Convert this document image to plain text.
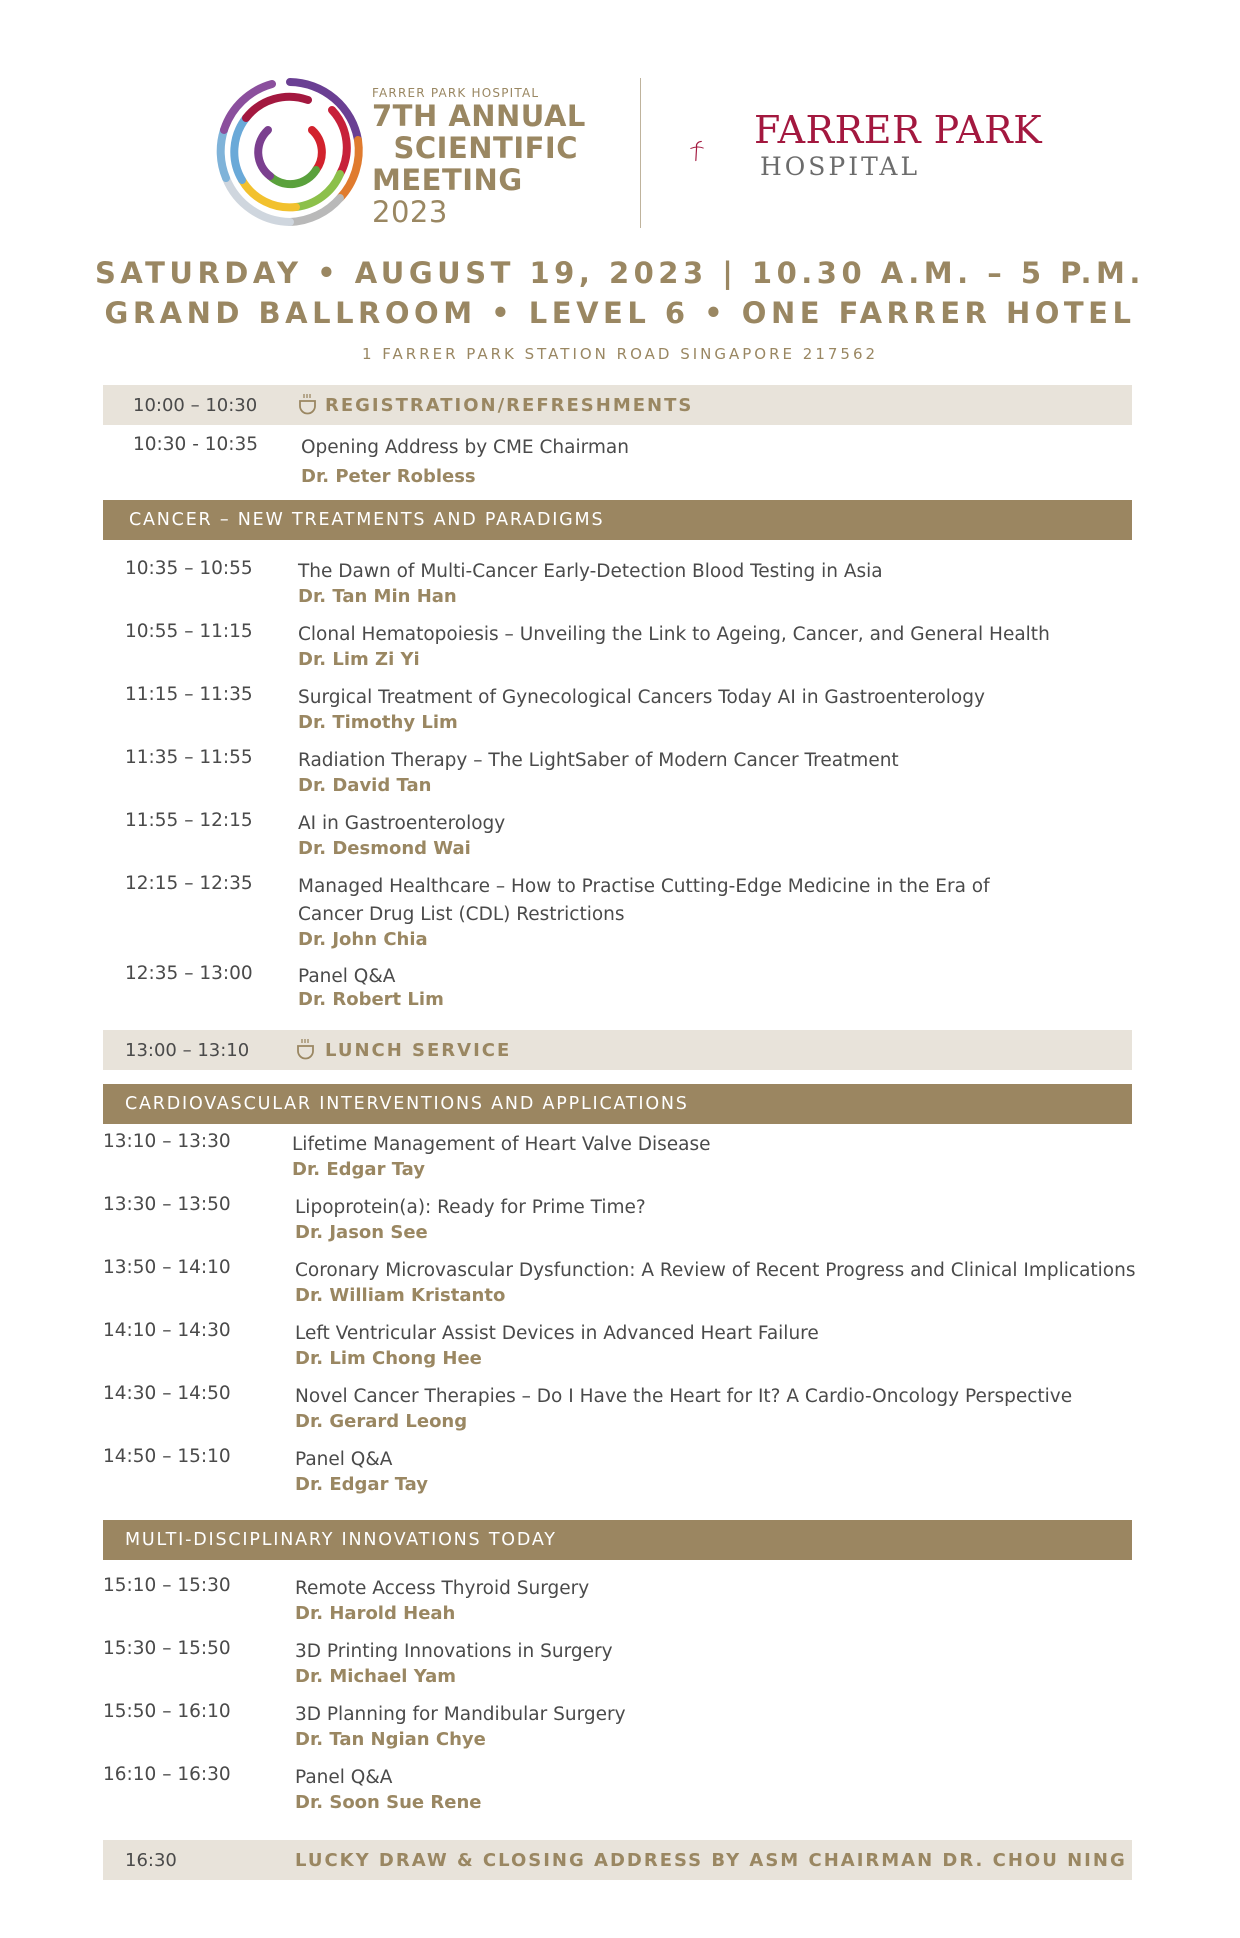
FARRER PARK HOSPITAL
7TH ANNUAL
SCIENTIFIC
MEETING 2023
FARRER PARK
HOSPITAL
SATURDAY • AUGUST 19, 2023 | 10.30 A.M. – 5 P.M.
GRAND BALLROOM • LEVEL 6 • ONE FARRER HOTEL
1 FARRER PARK STATION ROAD SINGAPORE 217562
10:00 – 10:30	REGISTRATION/REFRESHMENTS
10:30 - 10:35 Opening Address by CME Chairman
Dr. Peter Robless
CANCER – NEW TREATMENTS AND PARADIGMS
10:35 – 10:55 The Dawn of Multi-Cancer Early-Detection Blood Testing in Asia
Dr. Tan Min Han
10:55 – 11:15 Clonal Hematopoiesis – Unveiling the Link to Ageing, Cancer, and General Health
Dr. Lim Zi Yi
11:15 – 11:35 Surgical Treatment of Gynecological Cancers Today AI in Gastroenterology
Dr. Timothy Lim
11:35 – 11:55 Radiation Therapy – The LightSaber of Modern Cancer Treatment
Dr. David Tan
11:55 – 12:15 AI in Gastroenterology
Dr. Desmond Wai
12:15 – 12:35 Managed Healthcare – How to Practise Cutting-Edge Medicine in the Era of
Cancer Drug List (CDL) Restrictions
Dr. John Chia
12:35 – 13:00 Panel Q&A
Dr. Robert Lim
13:00 – 13:10	LUNCH SERVICE
CARDIOVASCULAR INTERVENTIONS AND APPLICATIONS
13:10 – 13:30	Lifetime Management of Heart Valve Disease
Dr. Edgar Tay
13:30 – 13:50	Lipoprotein(a): Ready for Prime Time?
Dr. Jason See
13:50 – 14:10	Coronary Microvascular Dysfunction: A Review of Recent Progress and Clinical Implications
Dr. William Kristanto
14:10 – 14:30	Left Ventricular Assist Devices in Advanced Heart Failure
Dr. Lim Chong Hee
14:30 – 14:50	Novel Cancer Therapies – Do I Have the Heart for It? A Cardio-Oncology Perspective
Dr. Gerard Leong
14:50 – 15:10	Panel Q&A
Dr. Edgar Tay
MULTI-DISCIPLINARY INNOVATIONS TODAY
15:10 – 15:30	Remote Access Thyroid Surgery
Dr. Harold Heah
15:30 – 15:50	3D Printing Innovations in Surgery
Dr. Michael Yam
15:50 – 16:10	3D Planning for Mandibular Surgery
Dr. Tan Ngian Chye
16:10 – 16:30	Panel Q&A
Dr. Soon Sue Rene
16:30	LUCKY DRAW & CLOSING ADDRESS BY ASM CHAIRMAN DR. CHOU NING
